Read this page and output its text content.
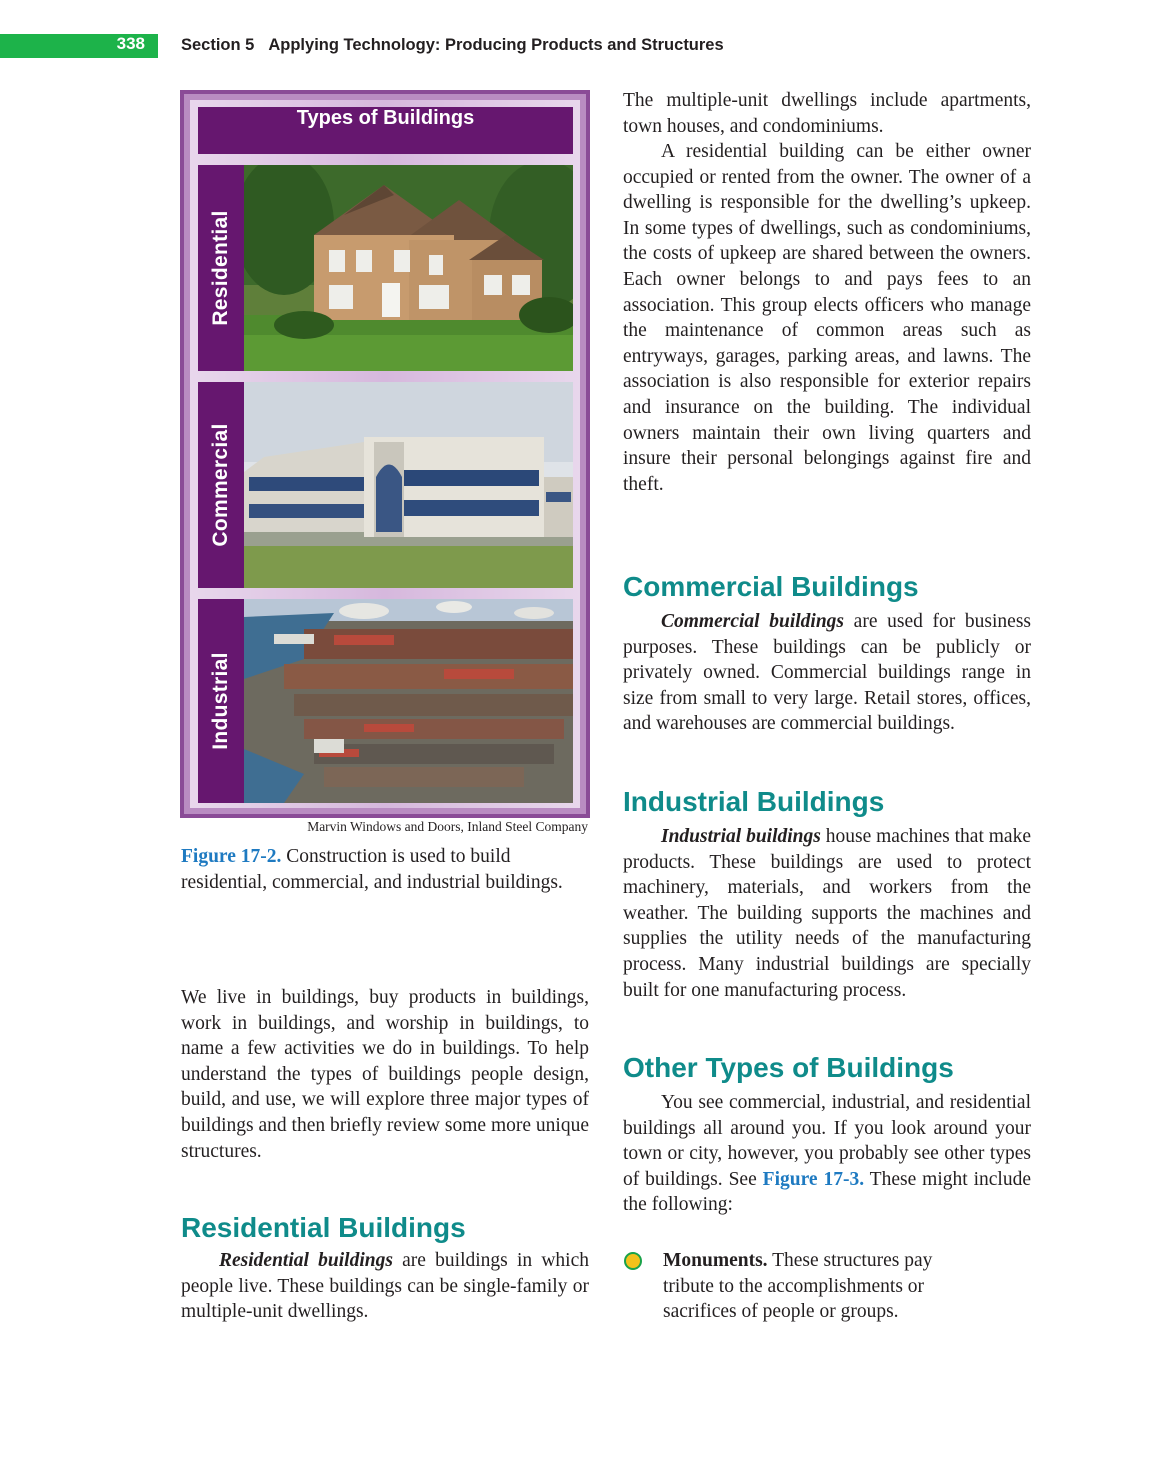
338 Section 5 Applying Technology: Producing Products and Structures
Types of Buildings
Residential
Commercial
Industrial
Marvin Windows and Doors, Inland Steel Company
Figure 17-2. Construction is used to build residential, commercial, and industrial buildings.
We live in buildings, buy products in buildings, work in buildings, and worship in buildings, to name a few activities we do in buildings. To help understand the types of buildings people design, build, and use, we will explore three major types of buildings and then briefly review some more unique structures.
Residential Buildings
Residential buildings are buildings in which people live. These buildings can be single-family or multiple-unit dwellings.
The multiple-unit dwellings include apartments, town houses, and condominiums.
A residential building can be either owner occupied or rented from the owner. The owner of a dwelling is responsible for the dwelling’s upkeep. In some types of dwellings, such as condominiums, the costs of upkeep are shared between the owners. Each owner belongs to and pays fees to an association. This group elects officers who manage the maintenance of common areas such as entryways, garages, parking areas, and lawns. The association is also responsible for exterior repairs and insurance on the building. The individual owners maintain their own living quarters and insure their personal belongings against fire and theft.
Commercial Buildings
Commercial buildings are used for business purposes. These buildings can be publicly or privately owned. Commercial buildings range in size from small to very large. Retail stores, offices, and warehouses are commercial buildings.
Industrial Buildings
Industrial buildings house machines that make products. These buildings are used to protect machinery, materials, and workers from the weather. The building supports the machines and supplies the utility needs of the manufacturing process. Many industrial buildings are specially built for one manufacturing process.
Other Types of Buildings
You see commercial, industrial, and residential buildings all around you. If you look around your town or city, however, you probably see other types of buildings. See Figure 17-3. These might include the following:
Monuments. These structures pay tribute to the accomplishments or sacrifices of people or groups.
